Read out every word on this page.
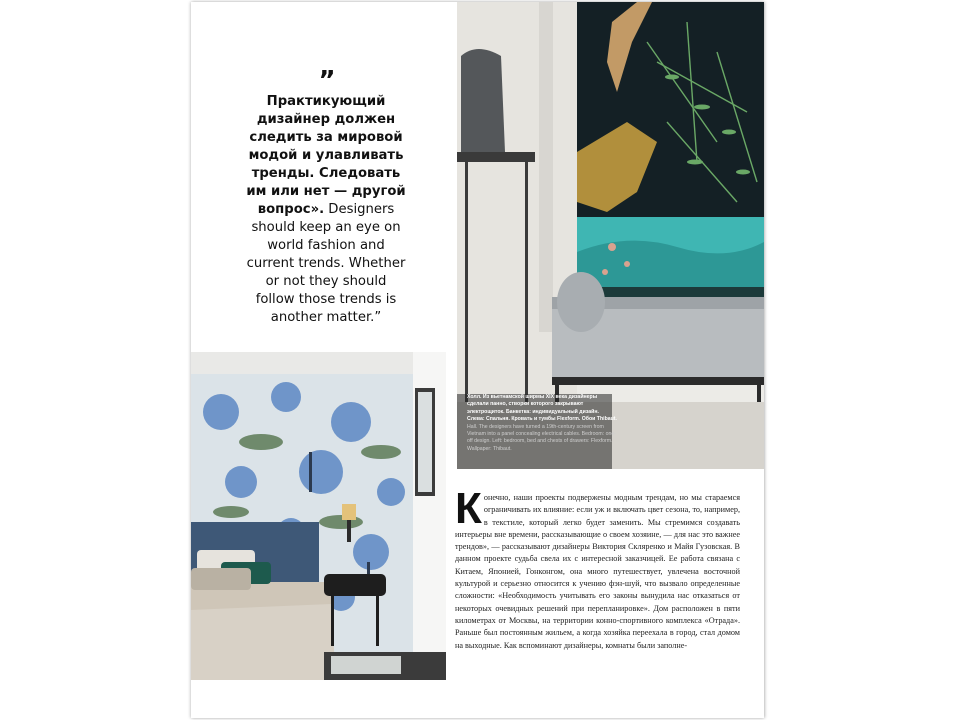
”
Практикующий дизайнер должен следить за мировой модой и улавливать тренды. Следовать им или нет — другой вопрос». Designers should keep an eye on world fashion and current trends. Whether or not they should follow those trends is another matter.”
Холл. Из вьетнамской ширмы XIX века дизайнеры сделали панно, створки которого закрывают электрощиток. Банкетка: индивидуальный дизайн. Слева: Спальня. Кровать и тумбы Flexform. Обои Thibaut. Hall. The designers have turned a 19th-century screen from Vietnam into a panel concealing electrical cables. Bedroom: one-off design. Left: bedroom, bed and chests of drawers: Flexform. Wallpaper: Thibaut.
Конечно, наши проекты подвержены модным трендам, но мы стараемся ограничивать их влияние: если уж и включать цвет сезона, то, например, в текстиле, который легко будет заменить. Мы стремимся создавать интерьеры вне времени, рассказывающие о своем хозяине, — для нас это важнее трендов», — рассказывают дизайнеры Виктория Скляренко и Майя Гузовская. В данном проекте судьба свела их с интересной заказчицей. Ее работа связана с Китаем, Японией, Гонконгом, она много путешествует, увлечена восточной культурой и серьезно относится к учению фэн-шуй, что вызвало определенные сложности: «Необходимость учитывать его законы вынудила нас отказаться от некоторых очевидных решений при перепланировке». Дом расположен в пяти километрах от Москвы, на территории конно-спортивного комплекса «Отрада». Раньше был постоянным жильем, а когда хозяйка переехала в город, стал домом на выходные. Как вспоминают дизайнеры, комнаты были заполне-
